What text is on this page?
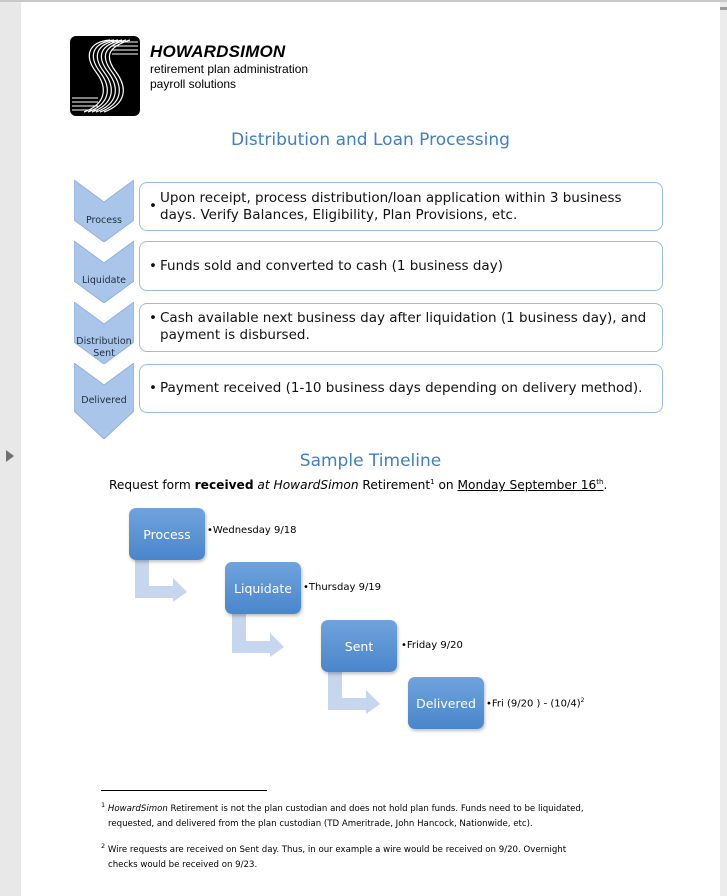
HOWARDSIMON
retirement plan administration
payroll solutions
Distribution and Loan Processing
Process
Liquidate
Distribution
Sent
Delivered
•
Upon receipt, process distribution/loan application within 3 business days. Verify Balances, Eligibility, Plan Provisions, etc.
• Funds sold and converted to cash (1 business day)
• Cash available next business day after liquidation (1 business day), and payment is disbursed.
• Payment received (1-10 business days depending on delivery method).
Sample Timeline
Request form received at HowardSimon Retirement$^1$ on Monday September 16th.
Process	•Wednesday 9/18
Liquidate	•Thursday 9/19
Sent	•Friday 9/20
Delivered	•Fri (9/20 ) - $(10/4)^2$
$^1$ HowardSimon Retirement is not the plan custodian and does not hold plan funds. Funds need to be liquidated,
requested, and delivered from the plan custodian (TD Ameritrade, John Hancock, Nationwide, etc).
$^2$ Wire requests are received on Sent day. Thus, in our example a wire would be received on 9/20. Overnight
checks would be received on 9/23.
